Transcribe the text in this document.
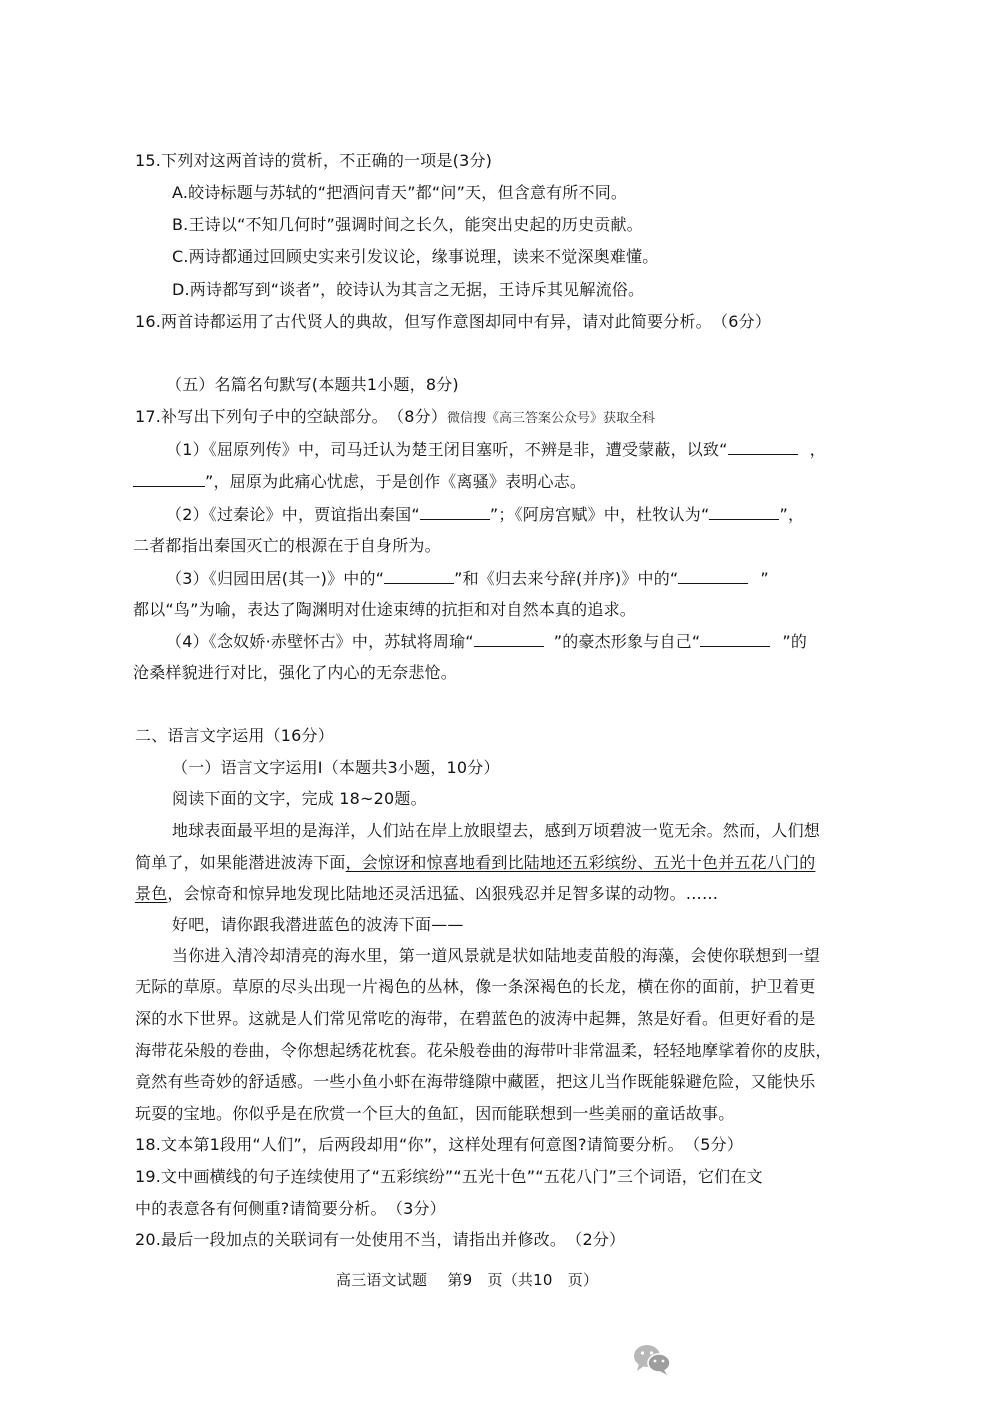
15.下列对这两首诗的赏析，不正确的一项是(3分)
A.皎诗标题与苏轼的“把酒问青天”都“问”天，但含意有所不同。
B.王诗以“不知几何时”强调时间之长久，能突出史起的历史贡献。
C.两诗都通过回顾史实来引发议论，缘事说理，读来不觉深奥难懂。
D.两诗都写到“谈者”，皎诗认为其言之无据，王诗斥其见解流俗。
16.两首诗都运用了古代贤人的典故，但写作意图却同中有异，请对此简要分析。　（6分）
（五）名篇名句默写(本题共1小题，8分)
17.补写出下列句子中的空缺部分。　（8分）微信搜《高三答案公众号》获取全科
（1）《屈原列传》中，司马迁认为楚王闭目塞听，不辨是非，遭受蒙蔽，以致“	，
”，屈原为此痛心忧虑，于是创作《离骚》表明心志。
（2）《过秦论》中，贾谊指出秦国“	”；《阿房宫赋》中，杜牧认为“	”，
二者都指出秦国灭亡的根源在于自身所为。
（3）《归园田居(其一)》中的“	”和《归去来兮辞(并序)》中的“	”
都以“鸟”为喻，表达了陶渊明对仕途束缚的抗拒和对自然本真的追求。
（4）《念奴娇·赤壁怀古》中，苏轼将周瑜“	”的豪杰形象与自己“	”的
沧桑样貌进行对比，强化了内心的无奈悲怆。
二、语言文字运用（16分）
（一）语言文字运用Ⅰ（本题共3小题，10分）
阅读下面的文字，完成 18~20题。
地球表面最平坦的是海洋，人们站在岸上放眼望去，感到万顷碧波一览无余。然而，人们想
简单了，如果能潜进波涛下面，会惊讶和惊喜地看到比陆地还五彩缤纷、五光十色并五花八门的
景色，会惊奇和惊异地发现比陆地还灵活迅猛、凶狠残忍并足智多谋的动物。……
好吧，请你跟我潜进蓝色的波涛下面——
当你进入清冷却清亮的海水里，第一道风景就是状如陆地麦苗般的海藻，会使你联想到一望
无际的草原。草原的尽头出现一片褐色的丛林，像一条深褐色的长龙，横在你的面前，护卫着更
深的水下世界。这就是人们常见常吃的海带，在碧蓝色的波涛中起舞，煞是好看。但更好看的是
海带花朵般的卷曲，令你想起绣花枕套。花朵般卷曲的海带叶非常温柔，轻轻地摩挲着你的皮肤，
竟然有些奇妙的舒适感。一些小鱼小虾在海带缝隙中藏匿，把这儿当作既能躲避危险，又能快乐
玩耍的宝地。你似乎是在欣赏一个巨大的鱼缸，因而能联想到一些美丽的童话故事。
18.文本第1段用“人们”，后两段却用“你”，这样处理有何意图?请简要分析。　（5分）
19.文中画横线的句子连续使用了“五彩缤纷”“五光十色”“五花八门”三个词语，它们在文
中的表意各有何侧重?请简要分析。　（3分）
20.最后一段加点的关联词有一处使用不当，请指出并修改。　（2分）
高三语文试题　 第9　页（共10　页）
